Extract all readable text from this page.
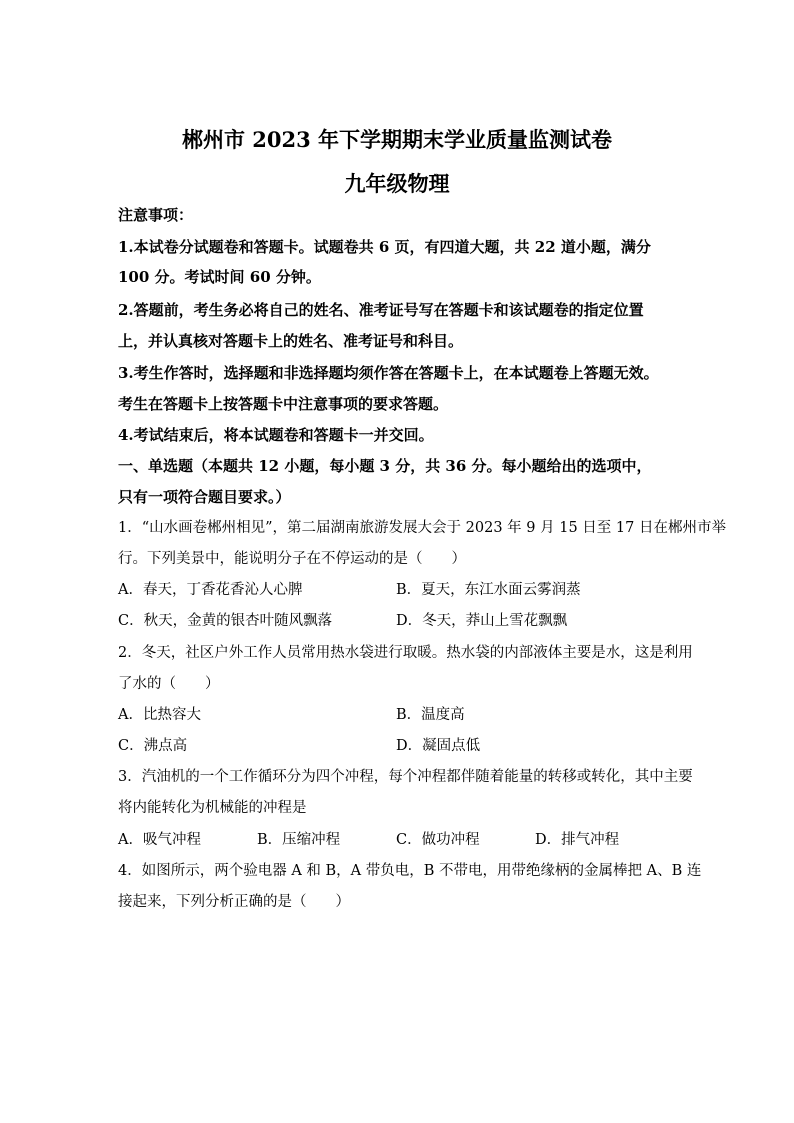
郴州市 2023 年下学期期末学业质量监测试卷
九年级物理
注意事项：
1.本试卷分试题卷和答题卡。试题卷共 6 页，有四道大题，共 22 道小题，满分
100 分。考试时间 60 分钟。
2.答题前，考生务必将自己的姓名、准考证号写在答题卡和该试题卷的指定位置
上，并认真核对答题卡上的姓名、准考证号和科目。
3.考生作答时，选择题和非选择题均须作答在答题卡上，在本试题卷上答题无效。
考生在答题卡上按答题卡中注意事项的要求答题。
4.考试结束后，将本试题卷和答题卡一并交回。
一、单选题（本题共 12 小题，每小题 3 分，共 36 分。每小题给出的选项中，
只有一项符合题目要求。）
1．“山水画卷郴州相见”，第二届湖南旅游发展大会于 2023 年 9 月 15 日至 17 日在郴州市举
行。下列美景中，能说明分子在不停运动的是（　　）
A．春天，丁香花香沁人心脾	B．夏天，东江水面云雾润蒸
C．秋天，金黄的银杏叶随风飘落	D．冬天，莽山上雪花飘飘
2．冬天，社区户外工作人员常用热水袋进行取暖。热水袋的内部液体主要是水，这是利用
了水的（　　）
A．比热容大	B．温度高
C．沸点高	D．凝固点低
3．汽油机的一个工作循环分为四个冲程，每个冲程都伴随着能量的转移或转化，其中主要
将内能转化为机械能的冲程是
A．吸气冲程	B．压缩冲程	C．做功冲程	D．排气冲程
4．如图所示，两个验电器 A 和 B，A 带负电，B 不带电，用带绝缘柄的金属棒把 A、B 连
接起来，下列分析正确的是（　　）
